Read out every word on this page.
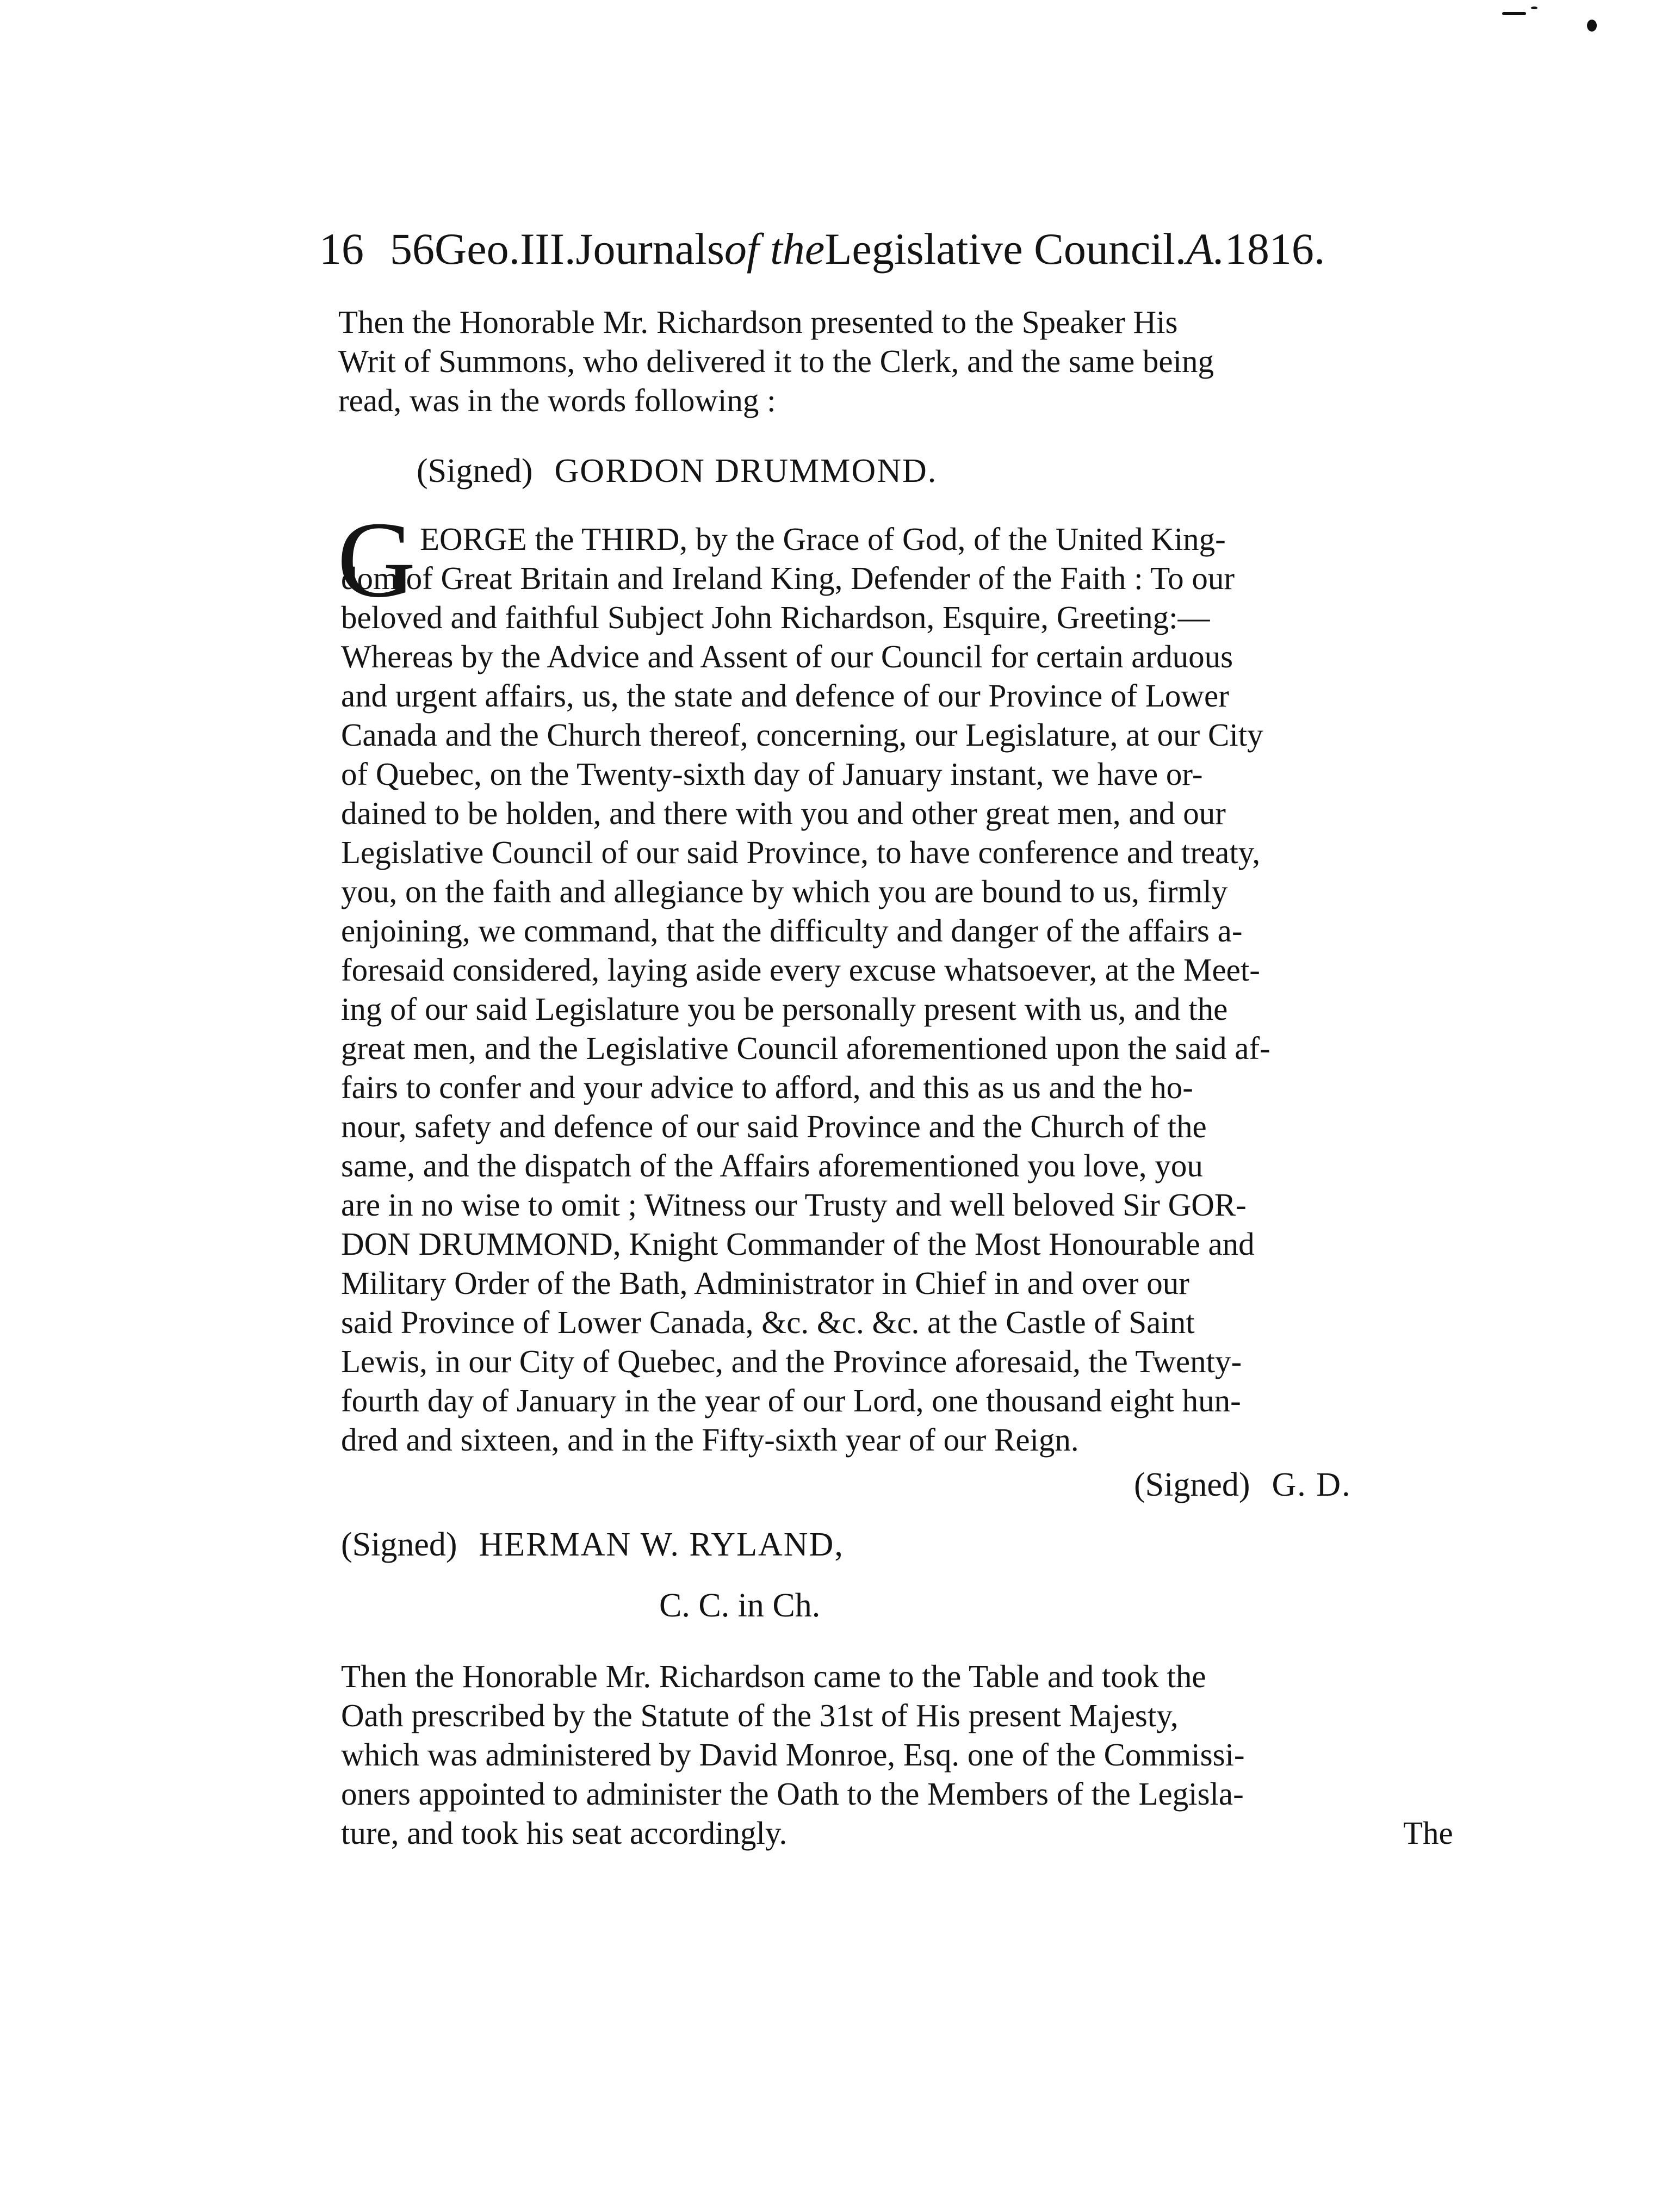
16 56Geo.III.Journalsof theLegislative Council.A.1816.
Then the Honorable Mr. Richardson presented to the Speaker His
Writ of Summons, who delivered it to the Clerk, and the same being
read, was in the words following :
(Signed) GORDON DRUMMOND.
G EORGE the THIRD, by the Grace of God, of the United King-
dom of Great Britain and Ireland King, Defender of the Faith : To our
beloved and faithful Subject John Richardson, Esquire, Greeting:—
Whereas by the Advice and Assent of our Council for certain arduous
and urgent affairs, us, the state and defence of our Province of Lower
Canada and the Church thereof, concerning, our Legislature, at our City
of Quebec, on the Twenty-sixth day of January instant, we have or-
dained to be holden, and there with you and other great men, and our
Legislative Council of our said Province, to have conference and treaty,
you, on the faith and allegiance by which you are bound to us, firmly
enjoining, we command, that the difficulty and danger of the affairs a-
foresaid considered, laying aside every excuse whatsoever, at the Meet-
ing of our said Legislature you be personally present with us, and the
great men, and the Legislative Council aforementioned upon the said af-
fairs to confer and your advice to afford, and this as us and the ho-
nour, safety and defence of our said Province and the Church of the
same, and the dispatch of the Affairs aforementioned you love, you
are in no wise to omit ; Witness our Trusty and well beloved Sir GOR-
DON DRUMMOND, Knight Commander of the Most Honourable and
Military Order of the Bath, Administrator in Chief in and over our
said Province of Lower Canada, &c. &c. &c. at the Castle of Saint
Lewis, in our City of Quebec, and the Province aforesaid, the Twenty-
fourth day of January in the year of our Lord, one thousand eight hun-
dred and sixteen, and in the Fifty-sixth year of our Reign.
(Signed) G. D.
(Signed) HERMAN W. RYLAND,
C. C. in Ch.
Then the Honorable Mr. Richardson came to the Table and took the
Oath prescribed by the Statute of the 31st of His present Majesty,
which was administered by David Monroe, Esq. one of the Commissi-
oners appointed to administer the Oath to the Members of the Legisla-
ture, and took his seat accordingly.	The
